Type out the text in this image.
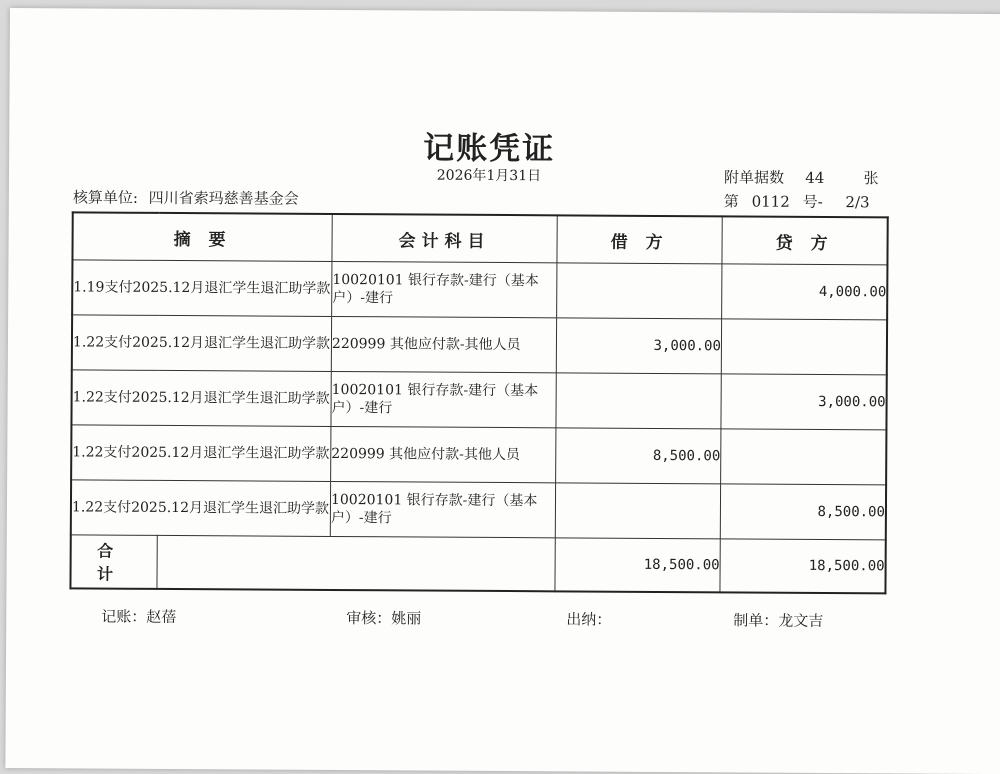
记账凭证
2026年1月31日	附单据数 44	张
核算单位: 四川省索玛慈善基金会	第 0112 号- 2/3
摘 要		会计科目	借 方	贷 方
1.19支付2025.12月退汇学生退汇助学款		10020101 银行存款-建行（基本户）-建行		4,000.00
1.22支付2025.12月退汇学生退汇助学款		220999 其他应付款-其他人员	3,000.00	
1.22支付2025.12月退汇学生退汇助学款		10020101 银行存款-建行（基本户）-建行		3,000.00
1.22支付2025.12月退汇学生退汇助学款		220999 其他应付款-其他人员	8,500.00	
1.22支付2025.12月退汇学生退汇助学款		10020101 银行存款-建行（基本户）-建行		8,500.00
合 计			18,500.00	18,500.00
记账：赵蓓	审核：姚丽	出纳：	制单：龙文吉
